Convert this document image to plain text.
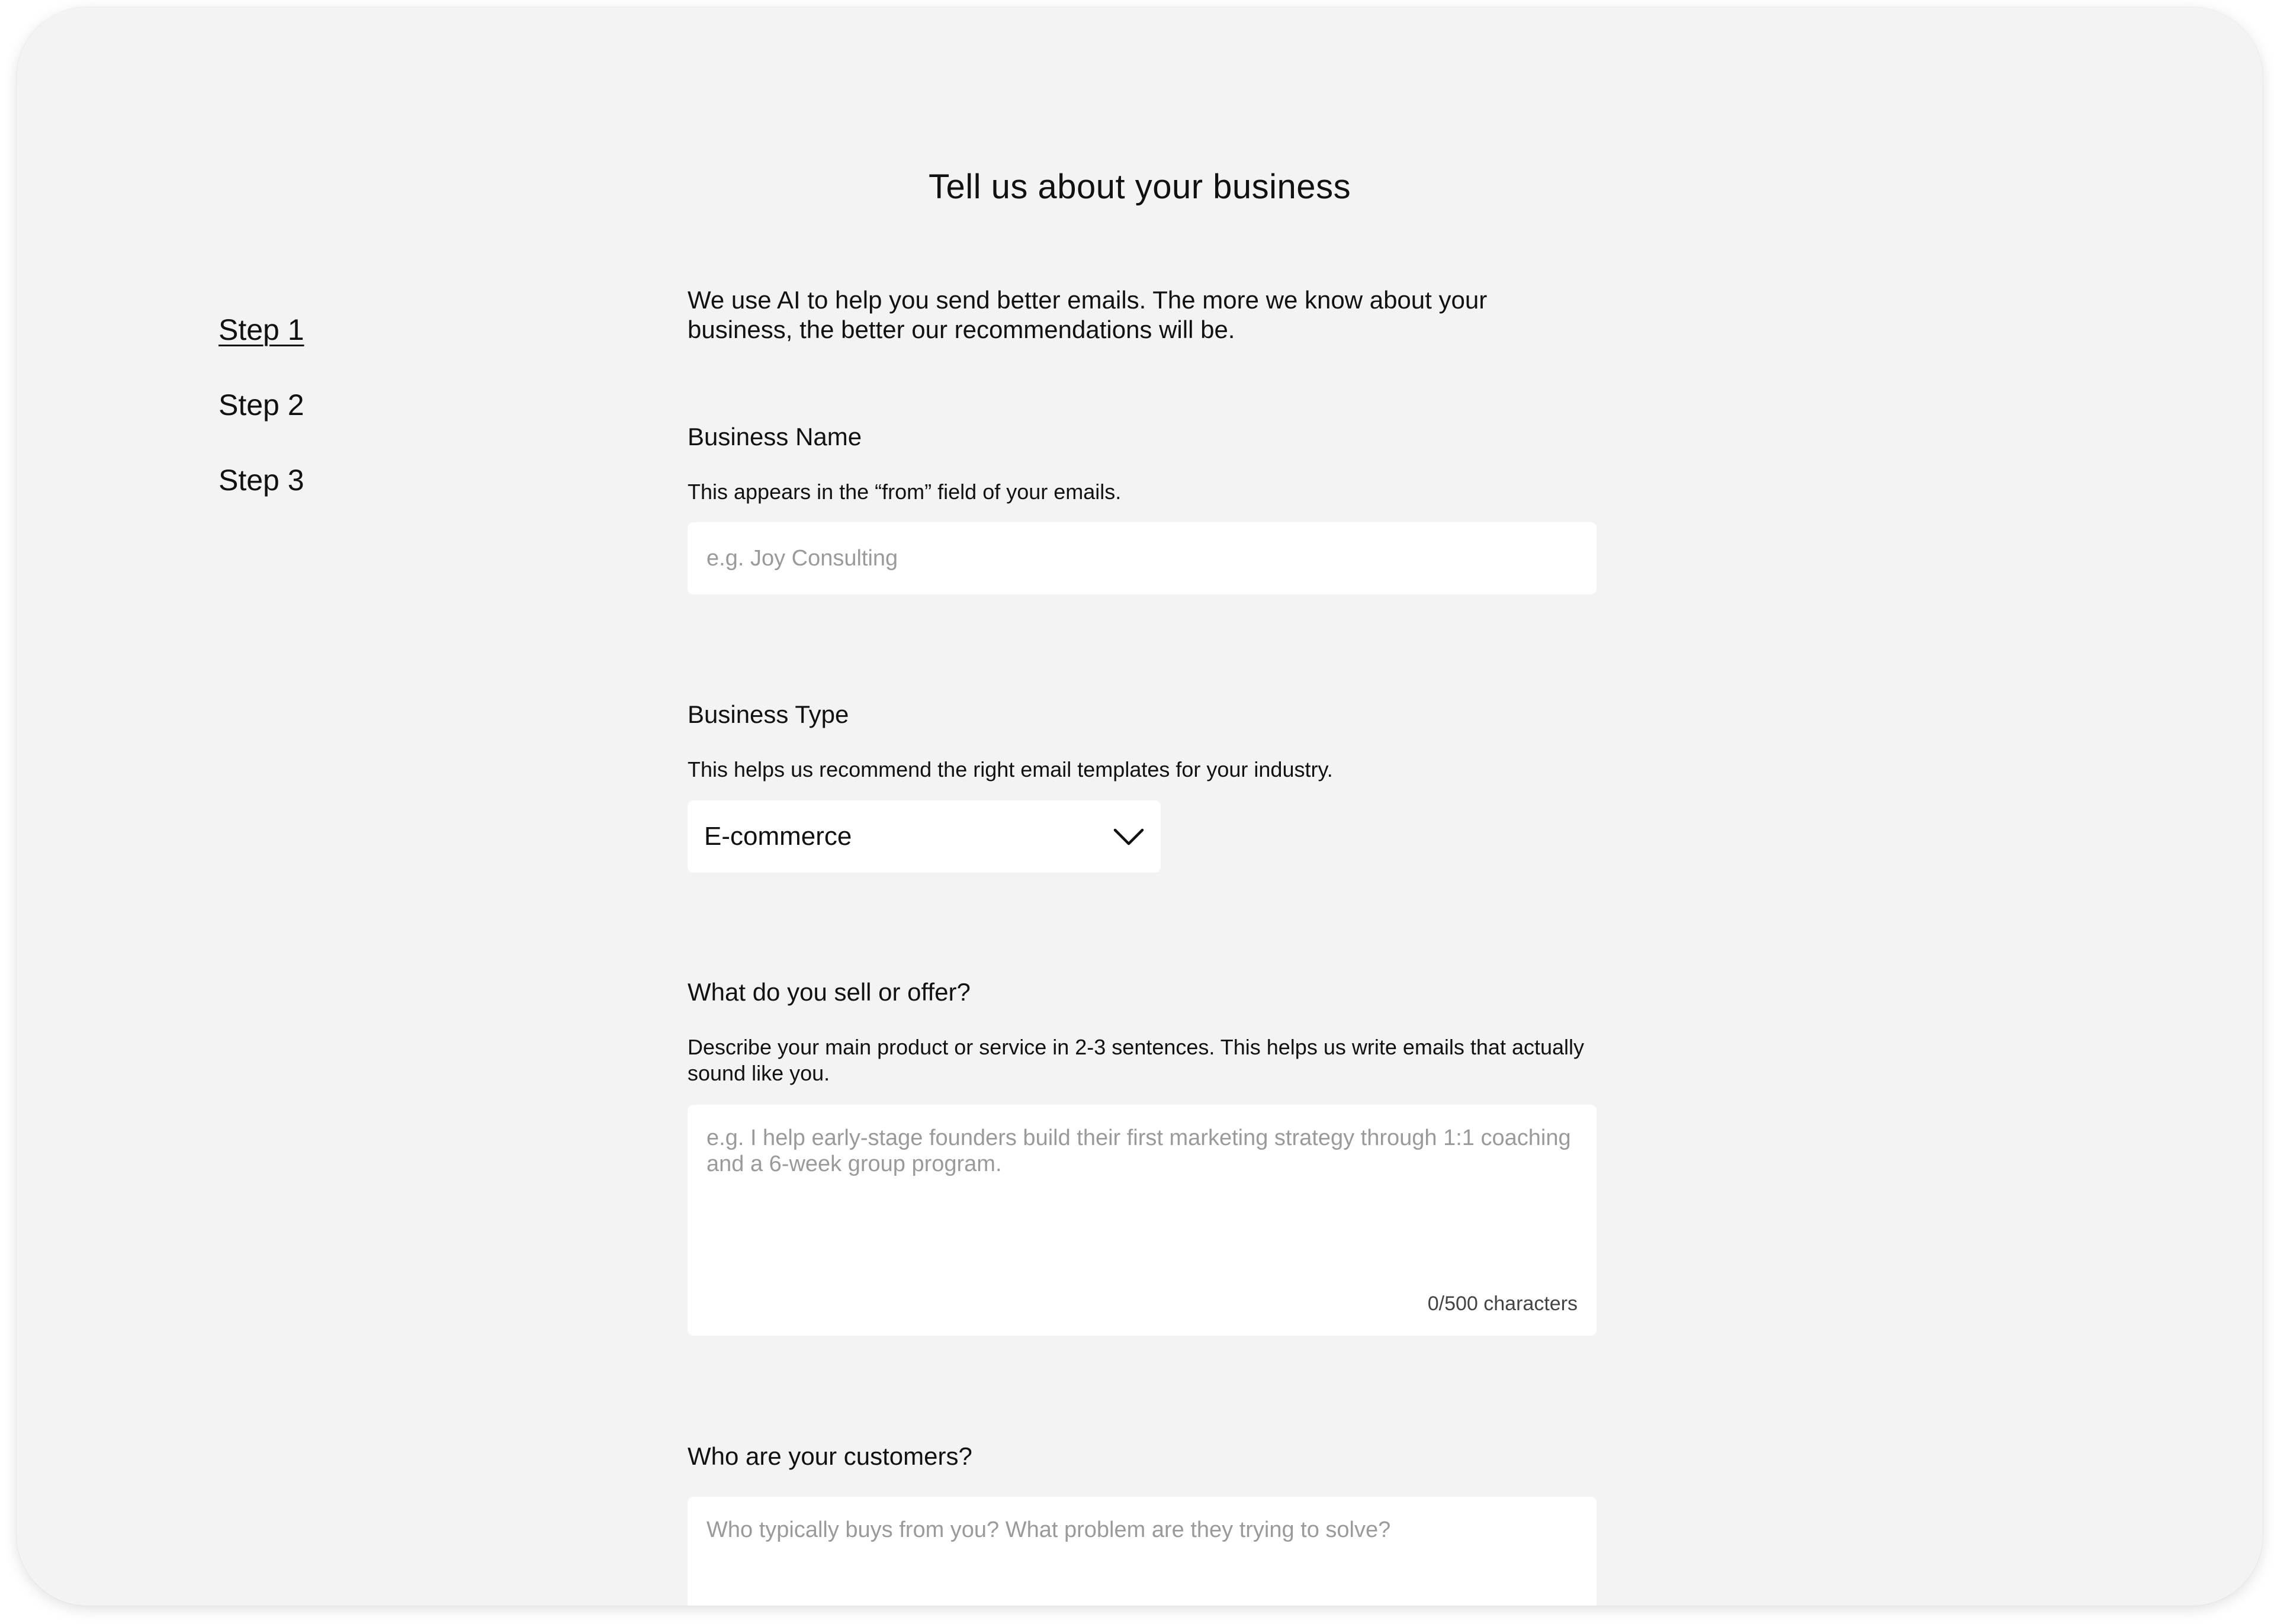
Tell us about your business
Step 1
Step 2
Step 3

We use AI to help you send better emails. The more we know about your business, the better our recommendations will be.

Business Name

This appears in the “from” field of your emails.

e.g. Joy Consulting

Business Type

This helps us recommend the right email templates for your industry.

E-commerce

What do you sell or offer?

Describe your main product or service in 2-3 sentences. This helps us write emails that actually sound like you.

e.g. I help early-stage founders build their first marketing strategy through 1:1 coaching and a 6-week group program.
0/500 characters

Who are your customers?

Who typically buys from you? What problem are they trying to solve?
